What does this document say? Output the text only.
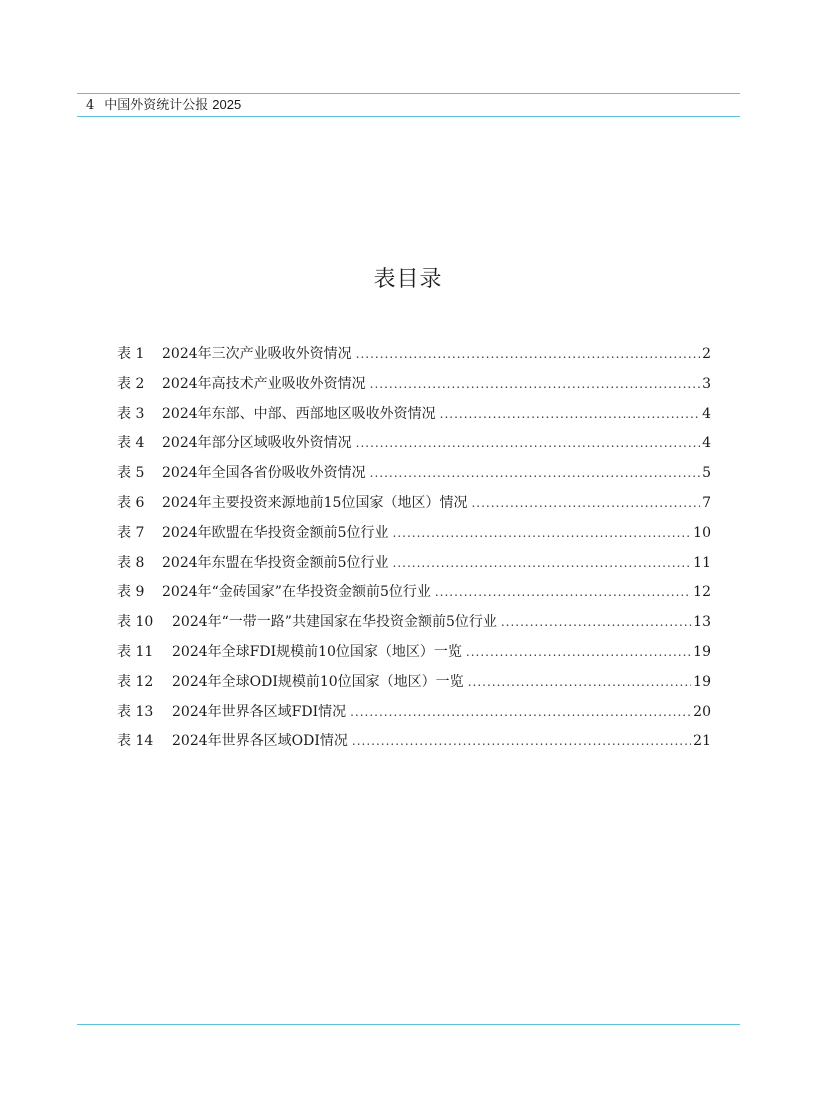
4 中国外资统计公报 2025
表目录
表 1	2024年三次产业吸收外资情况 .....	2
表 2	2024年高技术产业吸收外资情况 .....	3
表 3	2024年东部、中部、西部地区吸收外资情况 .....	4
表 4	2024年部分区域吸收外资情况 .....	4
表 5	2024年全国各省份吸收外资情况 .....	5
表 6	2024年主要投资来源地前15位国家（地区）情况 .....	7
表 7	2024年欧盟在华投资金额前5位行业 .....	10
表 8	2024年东盟在华投资金额前5位行业 .....	11
表 9	2024年“金砖国家”在华投资金额前5位行业 .....	12
表 10	2024年“一带一路”共建国家在华投资金额前5位行业 .....	13
表 11	2024年全球FDI规模前10位国家（地区）一览 .....	19
表 12	2024年全球ODI规模前10位国家（地区）一览 .....	19
表 13	2024年世界各区域FDI情况 .....	20
表 14	2024年世界各区域ODI情况 .....	21
